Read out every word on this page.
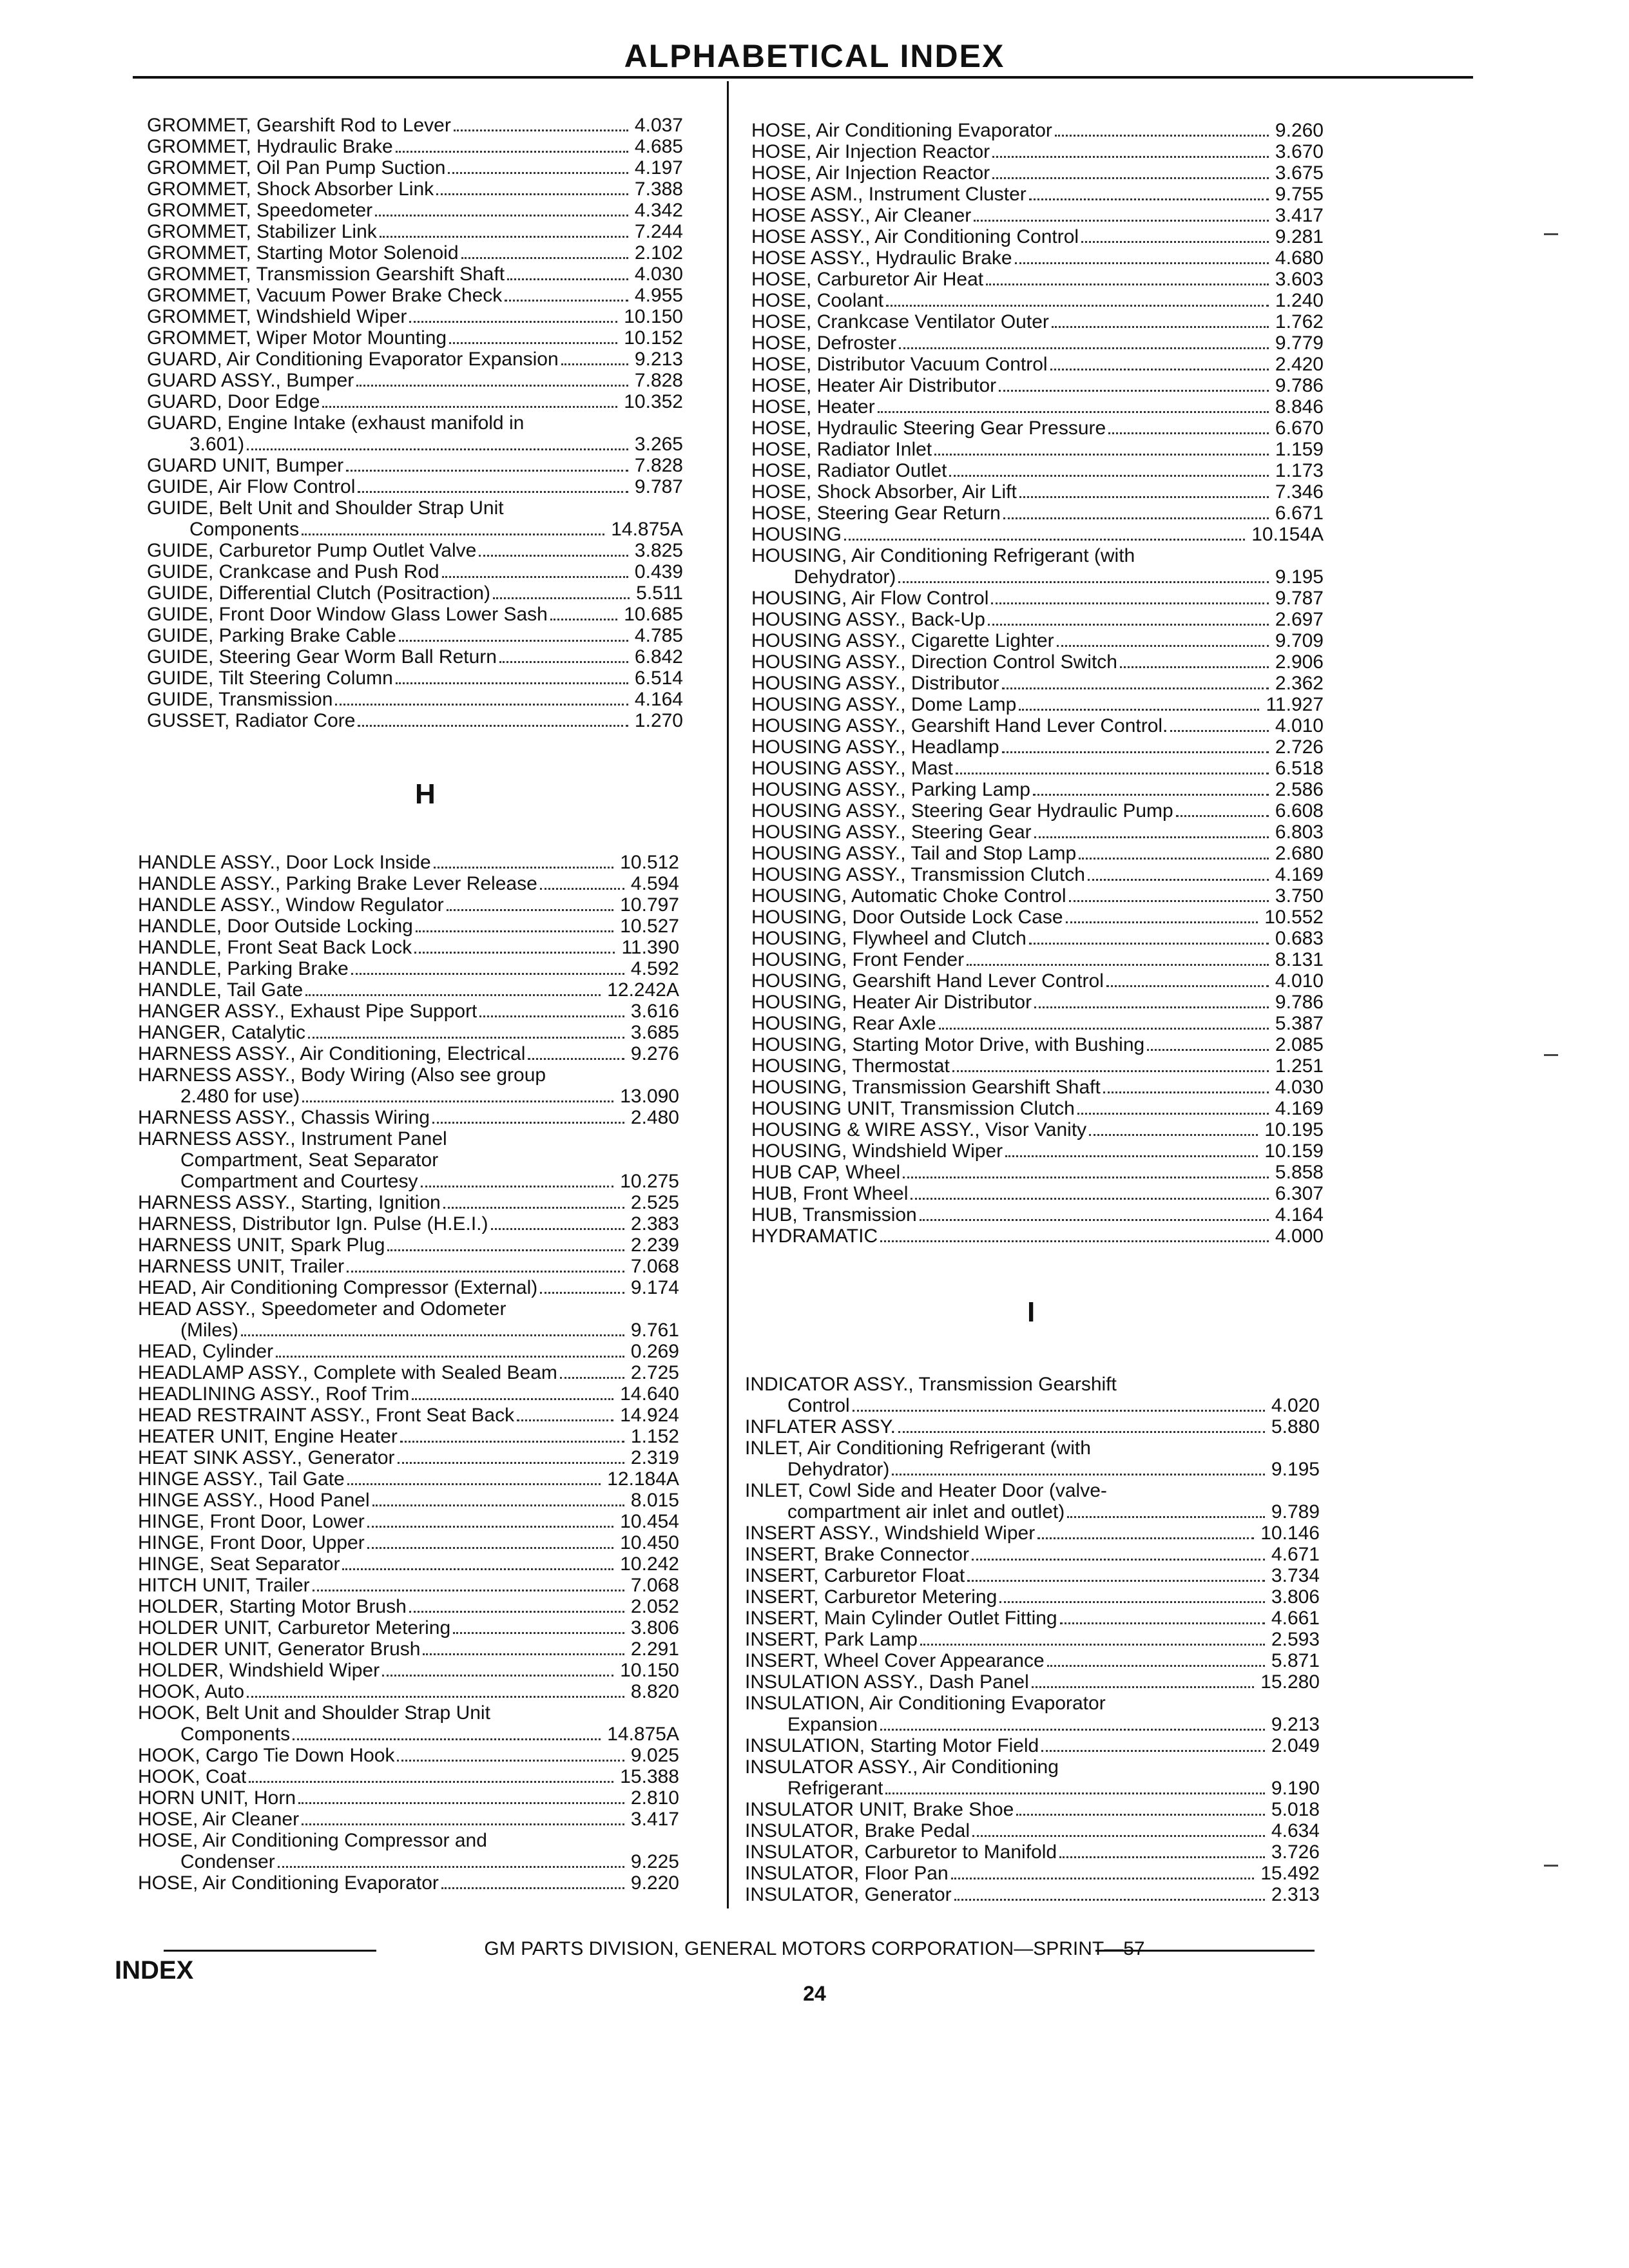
ALPHABETICAL INDEX
GROMMET, Gearshift Rod to Lever	4.037
GROMMET, Hydraulic Brake	4.685
GROMMET, Oil Pan Pump Suction	4.197
GROMMET, Shock Absorber Link	7.388
GROMMET, Speedometer	4.342
GROMMET, Stabilizer Link	7.244
GROMMET, Starting Motor Solenoid	2.102
GROMMET, Transmission Gearshift Shaft	4.030
GROMMET, Vacuum Power Brake Check	4.955
GROMMET, Windshield Wiper	10.150
GROMMET, Wiper Motor Mounting	10.152
GUARD, Air Conditioning Evaporator Expansion	9.213
GUARD ASSY., Bumper	7.828
GUARD, Door Edge	10.352
GUARD, Engine Intake (exhaust manifold in
3.601)	3.265
GUARD UNIT, Bumper	7.828
GUIDE, Air Flow Control	9.787
GUIDE, Belt Unit and Shoulder Strap Unit
Components	14.875A
GUIDE, Carburetor Pump Outlet Valve	3.825
GUIDE, Crankcase and Push Rod	0.439
GUIDE, Differential Clutch (Positraction)	5.511
GUIDE, Front Door Window Glass Lower Sash	10.685
GUIDE, Parking Brake Cable	4.785
GUIDE, Steering Gear Worm Ball Return	6.842
GUIDE, Tilt Steering Column	6.514
GUIDE, Transmission	4.164
GUSSET, Radiator Core	1.270
H
HANDLE ASSY., Door Lock Inside	10.512
HANDLE ASSY., Parking Brake Lever Release	4.594
HANDLE ASSY., Window Regulator	10.797
HANDLE, Door Outside Locking	10.527
HANDLE, Front Seat Back Lock	11.390
HANDLE, Parking Brake	4.592
HANDLE, Tail Gate	12.242A
HANGER ASSY., Exhaust Pipe Support	3.616
HANGER, Catalytic	3.685
HARNESS ASSY., Air Conditioning, Electrical	9.276
HARNESS ASSY., Body Wiring (Also see group
2.480 for use)	13.090
HARNESS ASSY., Chassis Wiring	2.480
HARNESS ASSY., Instrument Panel
Compartment, Seat Separator
Compartment and Courtesy	10.275
HARNESS ASSY., Starting, Ignition	2.525
HARNESS, Distributor Ign. Pulse (H.E.I.)	2.383
HARNESS UNIT, Spark Plug	2.239
HARNESS UNIT, Trailer	7.068
HEAD, Air Conditioning Compressor (External)	9.174
HEAD ASSY., Speedometer and Odometer
(Miles)	9.761
HEAD, Cylinder	0.269
HEADLAMP ASSY., Complete with Sealed Beam	2.725
HEADLINING ASSY., Roof Trim	14.640
HEAD RESTRAINT ASSY., Front Seat Back	14.924
HEATER UNIT, Engine Heater	1.152
HEAT SINK ASSY., Generator	2.319
HINGE ASSY., Tail Gate	12.184A
HINGE ASSY., Hood Panel	8.015
HINGE, Front Door, Lower	10.454
HINGE, Front Door, Upper	10.450
HINGE, Seat Separator	10.242
HITCH UNIT, Trailer	7.068
HOLDER, Starting Motor Brush	2.052
HOLDER UNIT, Carburetor Metering	3.806
HOLDER UNIT, Generator Brush	2.291
HOLDER, Windshield Wiper	10.150
HOOK, Auto	8.820
HOOK, Belt Unit and Shoulder Strap Unit
Components	14.875A
HOOK, Cargo Tie Down Hook	9.025
HOOK, Coat	15.388
HORN UNIT, Horn	2.810
HOSE, Air Cleaner	3.417
HOSE, Air Conditioning Compressor and
Condenser	9.225
HOSE, Air Conditioning Evaporator	9.220
HOSE, Air Conditioning Evaporator	9.260
HOSE, Air Injection Reactor	3.670
HOSE, Air Injection Reactor	3.675
HOSE ASM., Instrument Cluster	9.755
HOSE ASSY., Air Cleaner	3.417
HOSE ASSY., Air Conditioning Control	9.281
HOSE ASSY., Hydraulic Brake	4.680
HOSE, Carburetor Air Heat	3.603
HOSE, Coolant	1.240
HOSE, Crankcase Ventilator Outer	1.762
HOSE, Defroster	9.779
HOSE, Distributor Vacuum Control	2.420
HOSE, Heater Air Distributor	9.786
HOSE, Heater	8.846
HOSE, Hydraulic Steering Gear Pressure	6.670
HOSE, Radiator Inlet	1.159
HOSE, Radiator Outlet	1.173
HOSE, Shock Absorber, Air Lift	7.346
HOSE, Steering Gear Return	6.671
HOUSING	10.154A
HOUSING, Air Conditioning Refrigerant (with
Dehydrator)	9.195
HOUSING, Air Flow Control	9.787
HOUSING ASSY., Back-Up	2.697
HOUSING ASSY., Cigarette Lighter	9.709
HOUSING ASSY., Direction Control Switch	2.906
HOUSING ASSY., Distributor	2.362
HOUSING ASSY., Dome Lamp	11.927
HOUSING ASSY., Gearshift Hand Lever Control.	4.010
HOUSING ASSY., Headlamp	2.726
HOUSING ASSY., Mast	6.518
HOUSING ASSY., Parking Lamp	2.586
HOUSING ASSY., Steering Gear Hydraulic Pump	6.608
HOUSING ASSY., Steering Gear	6.803
HOUSING ASSY., Tail and Stop Lamp	2.680
HOUSING ASSY., Transmission Clutch	4.169
HOUSING, Automatic Choke Control	3.750
HOUSING, Door Outside Lock Case	10.552
HOUSING, Flywheel and Clutch	0.683
HOUSING, Front Fender	8.131
HOUSING, Gearshift Hand Lever Control	4.010
HOUSING, Heater Air Distributor	9.786
HOUSING, Rear Axle	5.387
HOUSING, Starting Motor Drive, with Bushing	2.085
HOUSING, Thermostat	1.251
HOUSING, Transmission Gearshift Shaft	4.030
HOUSING UNIT, Transmission Clutch	4.169
HOUSING & WIRE ASSY., Visor Vanity	10.195
HOUSING, Windshield Wiper	10.159
HUB CAP, Wheel	5.858
HUB, Front Wheel	6.307
HUB, Transmission	4.164
HYDRAMATIC	4.000
I
INDICATOR ASSY., Transmission Gearshift
Control	4.020
INFLATER ASSY.	5.880
INLET, Air Conditioning Refrigerant (with
Dehydrator)	9.195
INLET, Cowl Side and Heater Door (valve-
compartment air inlet and outlet)	9.789
INSERT ASSY., Windshield Wiper	10.146
INSERT, Brake Connector	4.671
INSERT, Carburetor Float	3.734
INSERT, Carburetor Metering	3.806
INSERT, Main Cylinder Outlet Fitting	4.661
INSERT, Park Lamp	2.593
INSERT, Wheel Cover Appearance	5.871
INSULATION ASSY., Dash Panel	15.280
INSULATION, Air Conditioning Evaporator
Expansion	9.213
INSULATION, Starting Motor Field	2.049
INSULATOR ASSY., Air Conditioning
Refrigerant	9.190
INSULATOR UNIT, Brake Shoe	5.018
INSULATOR, Brake Pedal	4.634
INSULATOR, Carburetor to Manifold	3.726
INSULATOR, Floor Pan	15.492
INSULATOR, Generator	2.313
GM PARTS DIVISION, GENERAL MOTORS CORPORATION—SPRINT—57
INDEX
24
